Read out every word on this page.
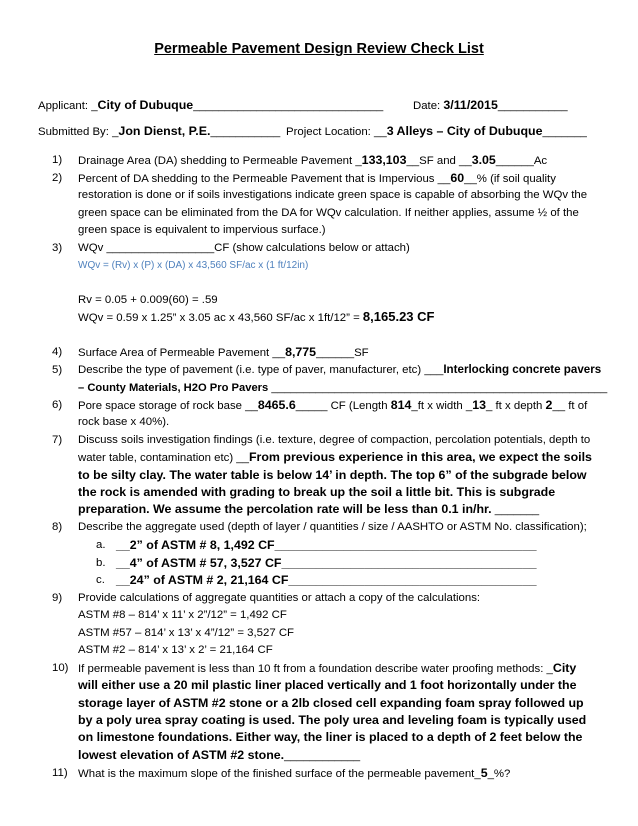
Permeable Pavement Design Review Check List
Applicant: _City of Dubuque______________________________	Date: 3/11/2015___________
Submitted By: _Jon Dienst, P.E.___________ Project Location: __3 Alleys – City of Dubuque_______
1) Drainage Area (DA) shedding to Permeable Pavement _133,103__SF and __3.05______Ac
2) Percent of DA shedding to the Permeable Pavement that is Impervious __60__% (if soil quality
restoration is done or if soils investigations indicate green space is capable of absorbing the WQv the
green space can be eliminated from the DA for WQv calculation. If neither applies, assume ½ of the
green space is equivalent to impervious surface.)
3) WQv _________________CF (show calculations below or attach)
WQv = (Rv) x (P) x (DA) x 43,560 SF/ac x (1 ft/12in)
Rv = 0.05 + 0.009(60) = .59
WQv = 0.59 x 1.25” x 3.05 ac x 43,560 SF/ac x 1ft/12” = 8,165.23 CF
4) Surface Area of Permeable Pavement __8,775______SF
5) Describe the type of pavement (i.e. type of paver, manufacturer, etc) ___Interlocking concrete pavers
– County Materials, H2O Pro Pavers _____________________________________________________
6) Pore space storage of rock base __8465.6_____ CF (Length 814_ft x width _13_ ft x depth 2__ ft of
rock base x 40%).
7) Discuss soils investigation findings (i.e. texture, degree of compaction, percolation potentials, depth to
water table, contamination etc) __From previous experience in this area, we expect the soils
to be silty clay. The water table is below 14’ in depth. The top 6” of the subgrade below
the rock is amended with grading to break up the soil a little bit. This is subgrade
preparation. We assume the percolation rate will be less than 0.1 in/hr. _______
8) Describe the aggregate used (depth of layer / quantities / size / AASHTO or ASTM No. classification);
a. __2” of ASTM # 8, 1,492 CF______________________________________
b. __4” of ASTM # 57, 3,527 CF_____________________________________
c. __24” of ASTM # 2, 21,164 CF____________________________________
9) Provide calculations of aggregate quantities or attach a copy of the calculations:
ASTM #8 – 814’ x 11’ x 2”/12” = 1,492 CF
ASTM #57 – 814’ x 13’ x 4”/12” = 3,527 CF
ASTM #2 – 814’ x 13’ x 2’ = 21,164 CF
10) If permeable pavement is less than 10 ft from a foundation describe water proofing methods: _City
will either use a 20 mil plastic liner placed vertically and 1 foot horizontally under the
storage layer of ASTM #2 stone or a 2lb closed cell expanding foam spray followed up
by a poly urea spray coating is used. The poly urea and leveling foam is typically used
on limestone foundations. Either way, the liner is placed to a depth of 2 feet below the
lowest elevation of ASTM #2 stone.____________
11) What is the maximum slope of the finished surface of the permeable pavement_5_%?
